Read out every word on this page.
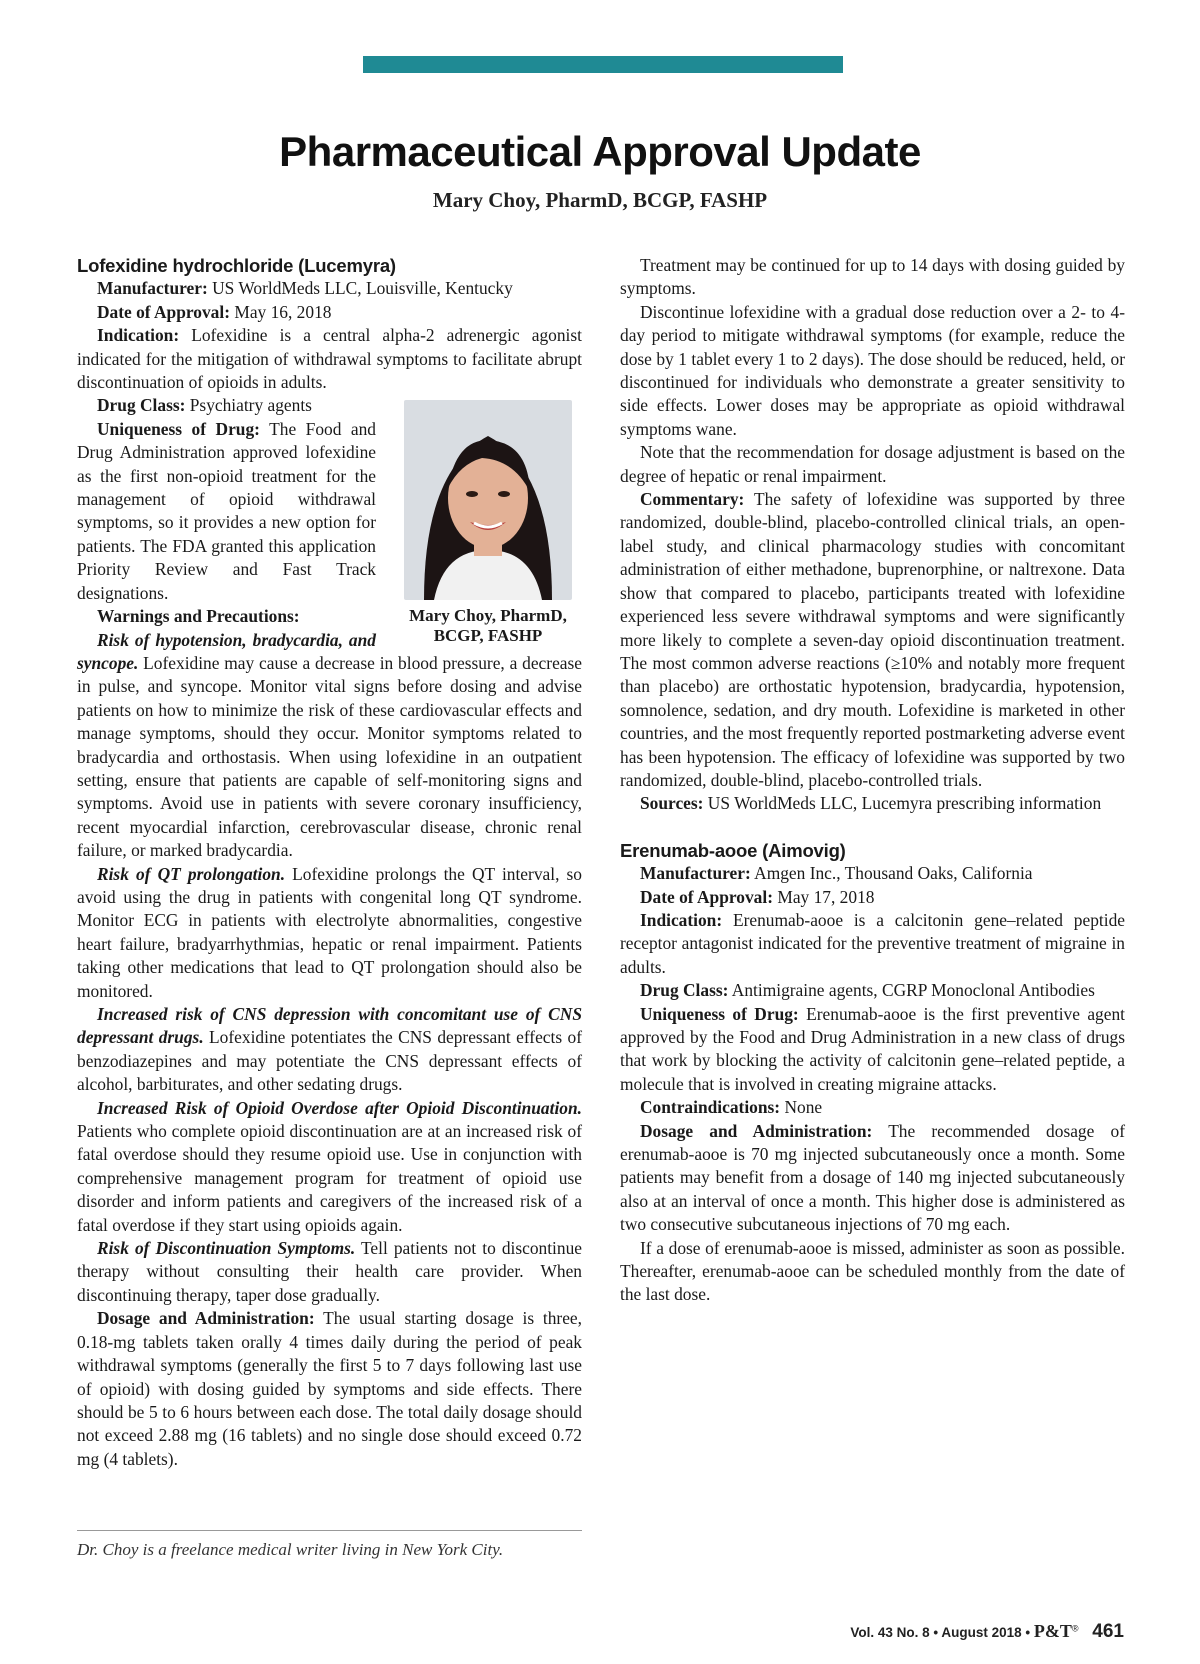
Pharmaceutical Approval Update
Mary Choy, PharmD, BCGP, FASHP

Lofexidine hydrochloride (Lucemyra)

Manufacturer: US WorldMeds LLC, Louisville, Kentucky

Date of Approval: May 16, 2018

Indication: Lofexidine is a central alpha-2 adrenergic agonist indicated for the mitigation of withdrawal symptoms to facilitate abrupt discontinuation of opioids in adults.

Mary Choy, PharmD,
BCGP, FASHP

Drug Class: Psychiatry agents

Uniqueness of Drug: The Food and Drug Administration approved lofexidine as the first non-opioid treatment for the management of opioid withdrawal symptoms, so it provides a new option for patients. The FDA granted this application Priority Review and Fast Track designations.

Warnings and Precautions:

Risk of hypotension, bradycardia, and syncope. Lofexidine may cause a decrease in blood pressure, a decrease in pulse, and syncope. Monitor vital signs before dosing and advise patients on how to minimize the risk of these cardiovascular effects and manage symptoms, should they occur. Monitor symptoms related to bradycardia and orthostasis. When using lofexidine in an outpatient setting, ensure that patients are capable of self-monitoring signs and symptoms. Avoid use in patients with severe coronary insufficiency, recent myocardial infarction, cerebrovascular disease, chronic renal failure, or marked bradycardia.

Risk of QT prolongation. Lofexidine prolongs the QT interval, so avoid using the drug in patients with congenital long QT syndrome. Monitor ECG in patients with electrolyte abnormalities, congestive heart failure, bradyarrhythmias, hepatic or renal impairment. Patients taking other medications that lead to QT prolongation should also be monitored.

Increased risk of CNS depression with concomitant use of CNS depressant drugs. Lofexidine potentiates the CNS depressant effects of benzodiazepines and may potentiate the CNS depressant effects of alcohol, barbiturates, and other sedating drugs.

Increased Risk of Opioid Overdose after Opioid Discontinuation. Patients who complete opioid discontinuation are at an increased risk of fatal overdose should they resume opioid use. Use in conjunction with comprehensive management program for treatment of opioid use disorder and inform patients and caregivers of the increased risk of a fatal overdose if they start using opioids again.

Risk of Discontinuation Symptoms. Tell patients not to discontinue therapy without consulting their health care provider. When discontinuing therapy, taper dose gradually.

Dosage and Administration: The usual starting dosage is three, 0.18-mg tablets taken orally 4 times daily during the period of peak withdrawal symptoms (generally the first 5 to 7 days following last use of opioid) with dosing guided by symptoms and side effects. There should be 5 to 6 hours between each dose. The total daily dosage should not exceed 2.88 mg (16 tablets) and no single dose should exceed 0.72 mg (4 tablets).

Treatment may be continued for up to 14 days with dosing guided by symptoms.

Discontinue lofexidine with a gradual dose reduction over a 2- to 4-day period to mitigate withdrawal symptoms (for example, reduce the dose by 1 tablet every 1 to 2 days). The dose should be reduced, held, or discontinued for individuals who demonstrate a greater sensitivity to side effects. Lower doses may be appropriate as opioid withdrawal symptoms wane.

Note that the recommendation for dosage adjustment is based on the degree of hepatic or renal impairment.

Commentary: The safety of lofexidine was supported by three randomized, double-blind, placebo-controlled clinical trials, an open-label study, and clinical pharmacology studies with concomitant administration of either methadone, buprenorphine, or naltrexone. Data show that compared to placebo, participants treated with lofexidine experienced less severe withdrawal symptoms and were significantly more likely to complete a seven-day opioid discontinuation treatment. The most common adverse reactions (≥10% and notably more frequent than placebo) are orthostatic hypotension, bradycardia, hypotension, somnolence, sedation, and dry mouth. Lofexidine is marketed in other countries, and the most frequently reported postmarketing adverse event has been hypotension. The efficacy of lofexidine was supported by two randomized, double-blind, placebo-controlled trials.

Sources: US WorldMeds LLC, Lucemyra prescribing information

Erenumab-aooe (Aimovig)

Manufacturer: Amgen Inc., Thousand Oaks, California

Date of Approval: May 17, 2018

Indication: Erenumab-aooe is a calcitonin gene–related peptide receptor antagonist indicated for the preventive treatment of migraine in adults.

Drug Class: Antimigraine agents, CGRP Monoclonal Antibodies

Uniqueness of Drug: Erenumab-aooe is the first preventive agent approved by the Food and Drug Administration in a new class of drugs that work by blocking the activity of calcitonin gene–related peptide, a molecule that is involved in creating migraine attacks.

Contraindications: None

Dosage and Administration: The recommended dosage of erenumab-aooe is 70 mg injected subcutaneously once a month. Some patients may benefit from a dosage of 140 mg injected subcutaneously also at an interval of once a month. This higher dose is administered as two consecutive subcutaneous injections of 70 mg each.

If a dose of erenumab-aooe is missed, administer as soon as possible. Thereafter, erenumab-aooe can be scheduled monthly from the date of the last dose.

Dr. Choy is a freelance medical writer living in New York City.
Vol. 43 No. 8 • August 2018 • P&T® 461
